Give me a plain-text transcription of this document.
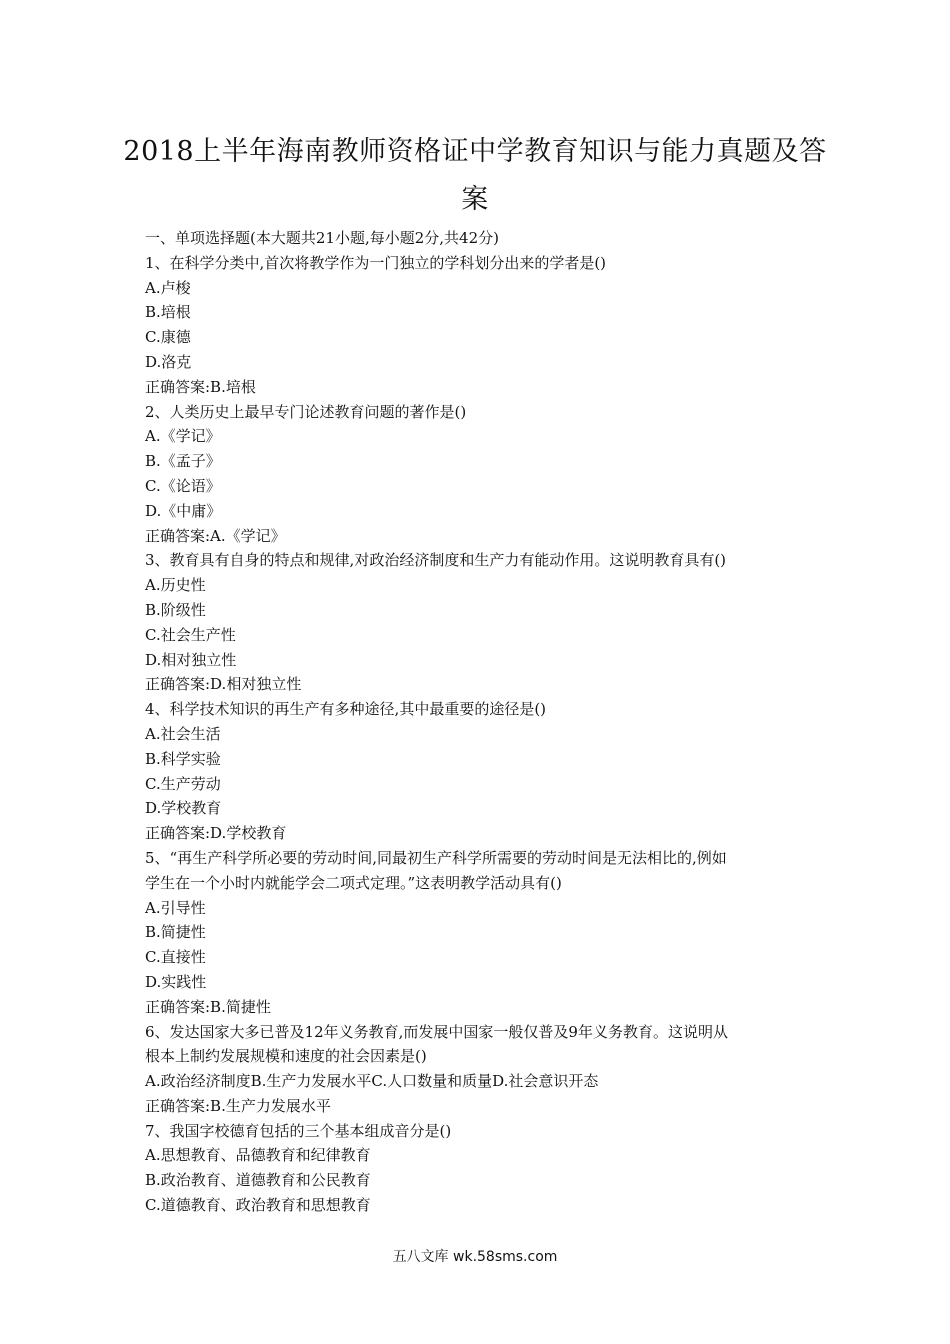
2018上半年海南教师资格证中学教育知识与能力真题及答
案
一、单项选择题(本大题共21小题,每小题2分,共42分)
1、在科学分类中,首次将教学作为一门独立的学科划分出来的学者是()
A.卢梭
B.培根
C.康德
D.洛克
正确答案:B.培根
2、人类历史上最早专门论述教育问题的著作是()
A.《学记》
B.《孟子》
C.《论语》
D.《中庸》
正确答案:A.《学记》
3、教育具有自身的特点和规律,对政治经济制度和生产力有能动作用。这说明教育具有()
A.历史性
B.阶级性
C.社会生产性
D.相对独立性
正确答案:D.相对独立性
4、科学技术知识的再生产有多种途径,其中最重要的途径是()
A.社会生活
B.科学实验
C.生产劳动
D.学校教育
正确答案:D.学校教育
5、“再生产科学所必要的劳动时间,同最初生产科学所需要的劳动时间是无法相比的,例如
学生在一个小时内就能学会二项式定理。”这表明教学活动具有()
A.引导性
B.简捷性
C.直接性
D.实践性
正确答案:B.简捷性
6、发达国家大多已普及12年义务教育,而发展中国家一般仅普及9年义务教育。这说明从
根本上制约发展规模和速度的社会因素是()
A.政治经济制度B.生产力发展水平C.人口数量和质量D.社会意识开态
正确答案:B.生产力发展水平
7、我国字校德育包括的三个基本组成音分是()
A.思想教育、品德教育和纪律教育
B.政治教育、道德教育和公民教育
C.道德教育、政治教育和思想教育
五八文库 wk.58sms.com
